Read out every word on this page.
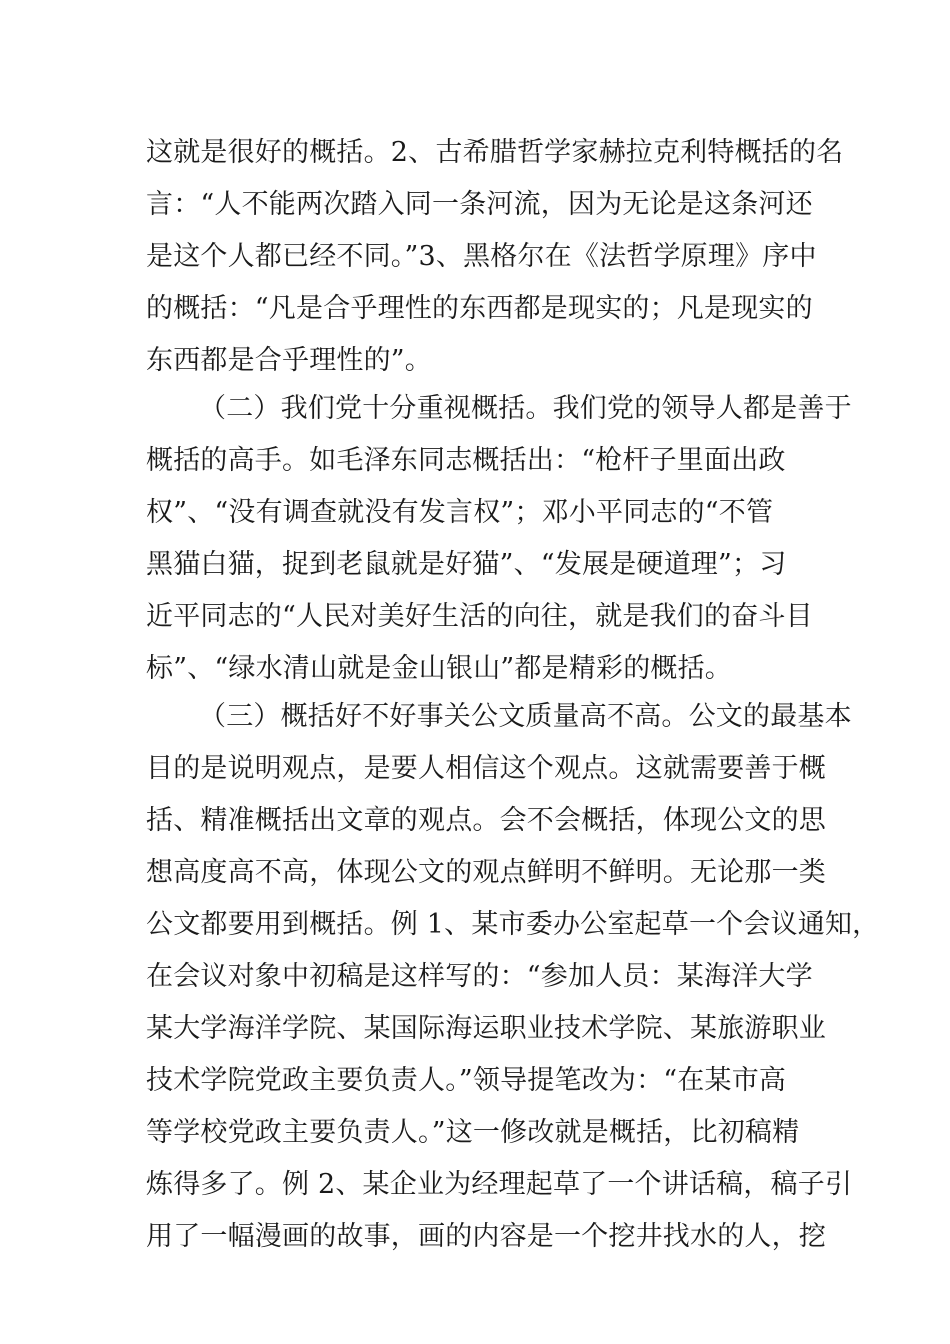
这就是很好的概括。2、古希腊哲学家赫拉克利特概括的名
言：“人不能两次踏入同一条河流，因为无论是这条河还
是这个人都已经不同。”3、黑格尔在《法哲学原理》序中
的概括：“凡是合乎理性的东西都是现实的；凡是现实的
东西都是合乎理性的”。
（二）我们党十分重视概括。我们党的领导人都是善于
概括的高手。如毛泽东同志概括出：“枪杆子里面出政
权”、“没有调查就没有发言权”；邓小平同志的“不管
黑猫白猫，捉到老鼠就是好猫”、“发展是硬道理”；习
近平同志的“人民对美好生活的向往，就是我们的奋斗目
标”、“绿水清山就是金山银山”都是精彩的概括。
（三）概括好不好事关公文质量高不高。公文的最基本
目的是说明观点，是要人相信这个观点。这就需要善于概
括、精准概括出文章的观点。会不会概括，体现公文的思
想高度高不高，体现公文的观点鲜明不鲜明。无论那一类
公文都要用到概括。例 1、某市委办公室起草一个会议通知，
在会议对象中初稿是这样写的：“参加人员：某海洋大学
某大学海洋学院、某国际海运职业技术学院、某旅游职业
技术学院党政主要负责人。”领导提笔改为：“在某市高
等学校党政主要负责人。”这一修改就是概括，比初稿精
炼得多了。例 2、某企业为经理起草了一个讲话稿，稿子引
用了一幅漫画的故事，画的内容是一个挖井找水的人，挖
